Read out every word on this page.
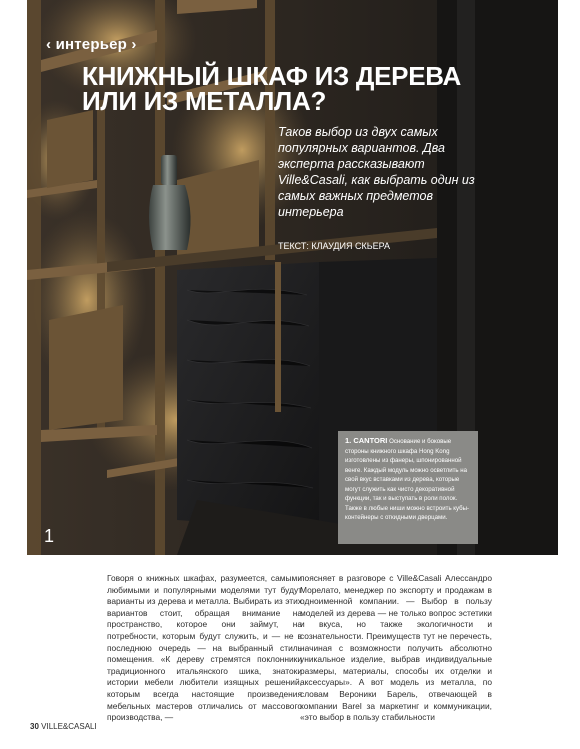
‹ интерьер ›
КНИЖНЫЙ ШКАФ ИЗ ДЕРЕВА
ИЛИ ИЗ МЕТАЛЛА?

Таков выбор из двух самых популярных вариантов. Два эксперта рассказывают Ville&Casali, как выбрать один из самых важных предметов интерьера

ТЕКСТ: КЛАУДИЯ СКЬЕРА
1
1. CANTORI Основание и боковые стороны книжного шкафа Hong Kong изготовлены из фанеры, шпонированной венге. Каждый модуль можно осветлить на свой вкус вставками из дерева, которые могут служить как чисто декоративной функции, так и выступать в роли полок. Также в любые ниши можно встроить кубы-контейнеры с откидными дверцами.

Говоря о книжных шкафах, разумеется, самыми любимыми и популярными моделями тут будут варианты из дерева и металла. Выбирать из этих вариантов стоит, обращая внимание на пространство, которое они займут, на потребности, которым будут служить, и — не в последнюю очередь — на выбранный стиль помещения. «К дереву стремятся поклонники традиционного итальянского шика, знатоки истории мебели любители изящных решений, которым всегда настоящие произведения мебельных мастеров отличались от массового производства, —

поясняет в разговоре с Ville&Casali Алессандро Морелато, менеджер по экспорту и продажам в одноименной компании. — Выбор в пользу моделей из дерева — не только вопрос эстетики и вкуса, но также экологичности и сознательности. Преимуществ тут не перечесть, начиная с возможности получить абсолютно уникальное изделие, выбрав индивидуальные размеры, материалы, способы их отделки и аксессуары». А вот модель из металла, по словам Вероники Барель, отвечающей в компании Barel за маркетинг и коммуникации, «это выбор в пользу стабильности

30 VILLE&CASALI
